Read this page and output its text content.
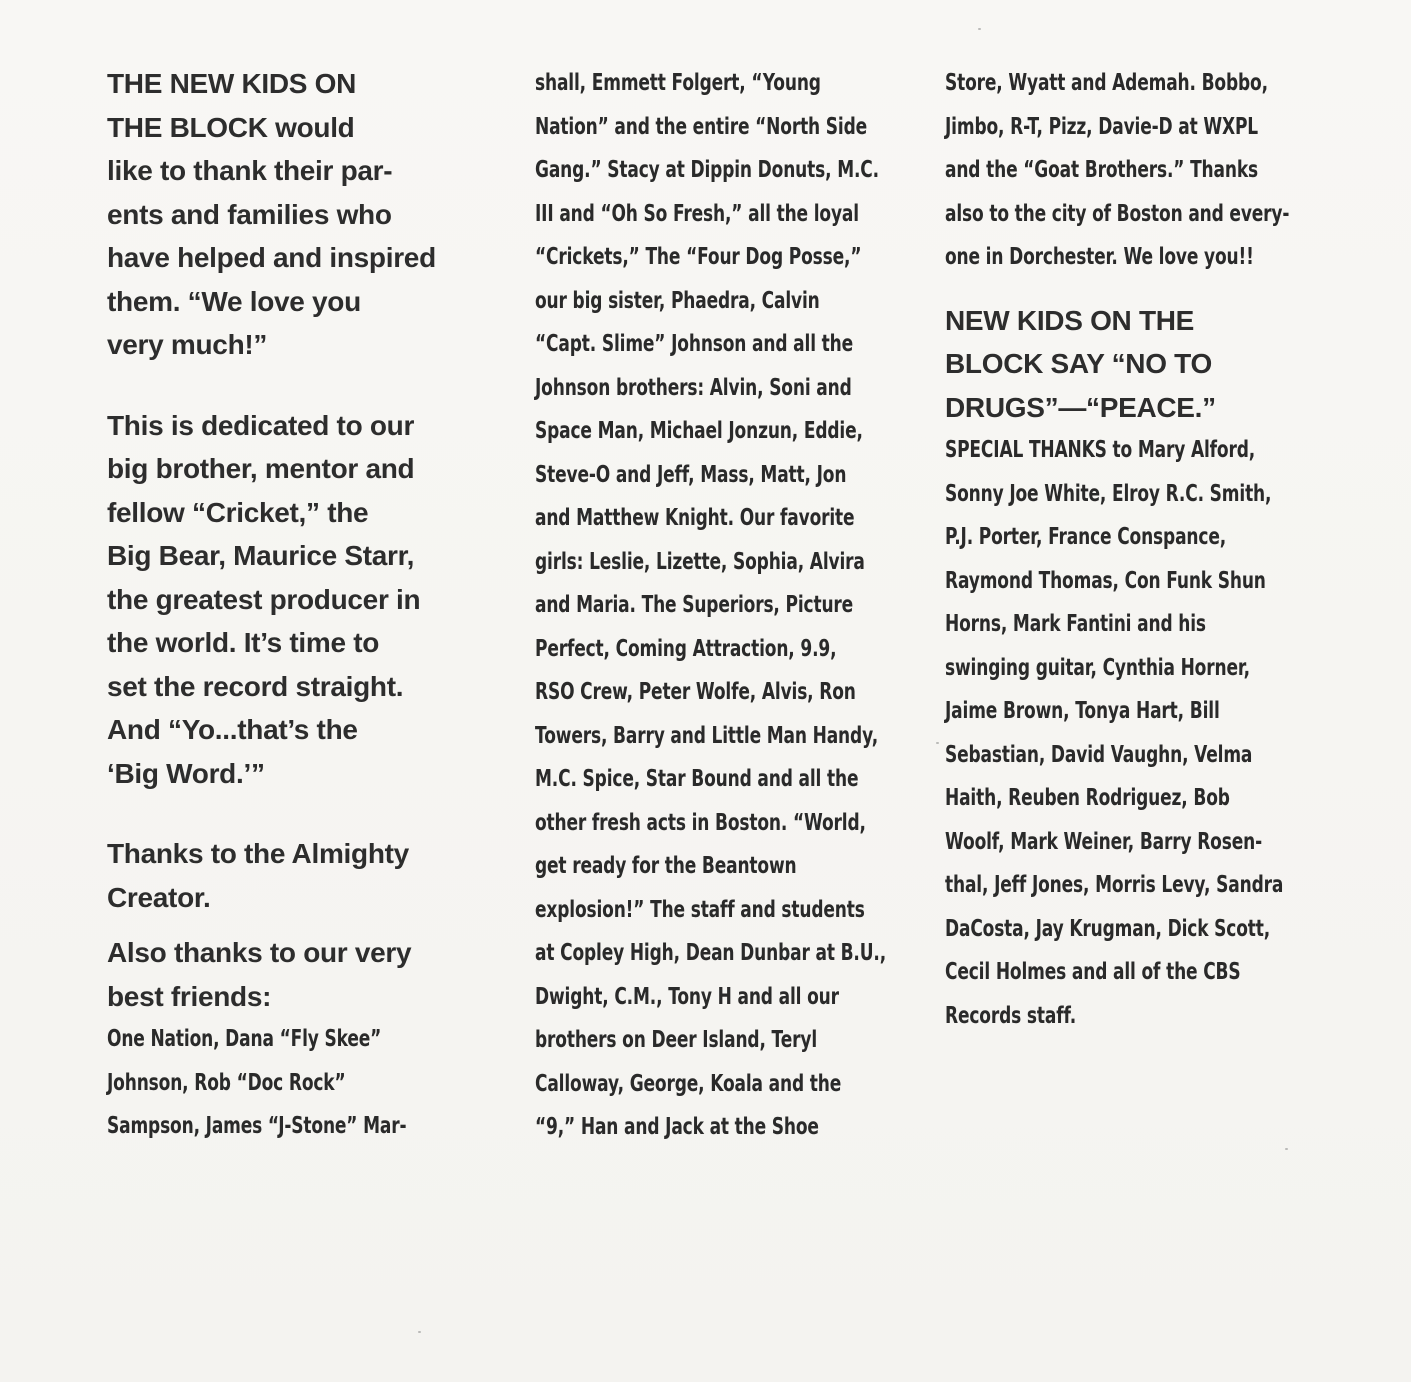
THE NEW KIDS ON
THE BLOCK would
like to thank their par-
ents and families who
have helped and inspired
them. “We love you
very much!”

This is dedicated to our
big brother, mentor and
fellow “Cricket,” the
Big Bear, Maurice Starr,
the greatest producer in
the world. It’s time to
set the record straight.
And “Yo...that’s the
‘Big Word.’”

Thanks to the Almighty
Creator.

Also thanks to our very
best friends:

One Nation, Dana “Fly Skee”
Johnson, Rob “Doc Rock”
Sampson, James “J-Stone” Mar-

shall, Emmett Folgert, “Young
Nation” and the entire “North Side
Gang.” Stacy at Dippin Donuts, M.C.
III and “Oh So Fresh,” all the loyal
“Crickets,” The “Four Dog Posse,”
our big sister, Phaedra, Calvin
“Capt. Slime” Johnson and all the
Johnson brothers: Alvin, Soni and
Space Man, Michael Jonzun, Eddie,
Steve-O and Jeff, Mass, Matt, Jon
and Matthew Knight. Our favorite
girls: Leslie, Lizette, Sophia, Alvira
and Maria. The Superiors, Picture
Perfect, Coming Attraction, 9.9,
RSO Crew, Peter Wolfe, Alvis, Ron
Towers, Barry and Little Man Handy,
M.C. Spice, Star Bound and all the
other fresh acts in Boston. “World,
get ready for the Beantown
explosion!” The staff and students
at Copley High, Dean Dunbar at B.U.,
Dwight, C.M., Tony H and all our
brothers on Deer Island, Teryl
Calloway, George, Koala and the
“9,” Han and Jack at the Shoe

Store, Wyatt and Ademah. Bobbo,
Jimbo, R-T, Pizz, Davie-D at WXPL
and the “Goat Brothers.” Thanks
also to the city of Boston and every-
one in Dorchester. We love you!!

NEW KIDS ON THE
BLOCK SAY “NO TO
DRUGS”—“PEACE.”

SPECIAL THANKS to Mary Alford,
Sonny Joe White, Elroy R.C. Smith,
P.J. Porter, France Conspance,
Raymond Thomas, Con Funk Shun
Horns, Mark Fantini and his
swinging guitar, Cynthia Horner,
Jaime Brown, Tonya Hart, Bill
Sebastian, David Vaughn, Velma
Haith, Reuben Rodriguez, Bob
Woolf, Mark Weiner, Barry Rosen-
thal, Jeff Jones, Morris Levy, Sandra
DaCosta, Jay Krugman, Dick Scott,
Cecil Holmes and all of the CBS
Records staff.
